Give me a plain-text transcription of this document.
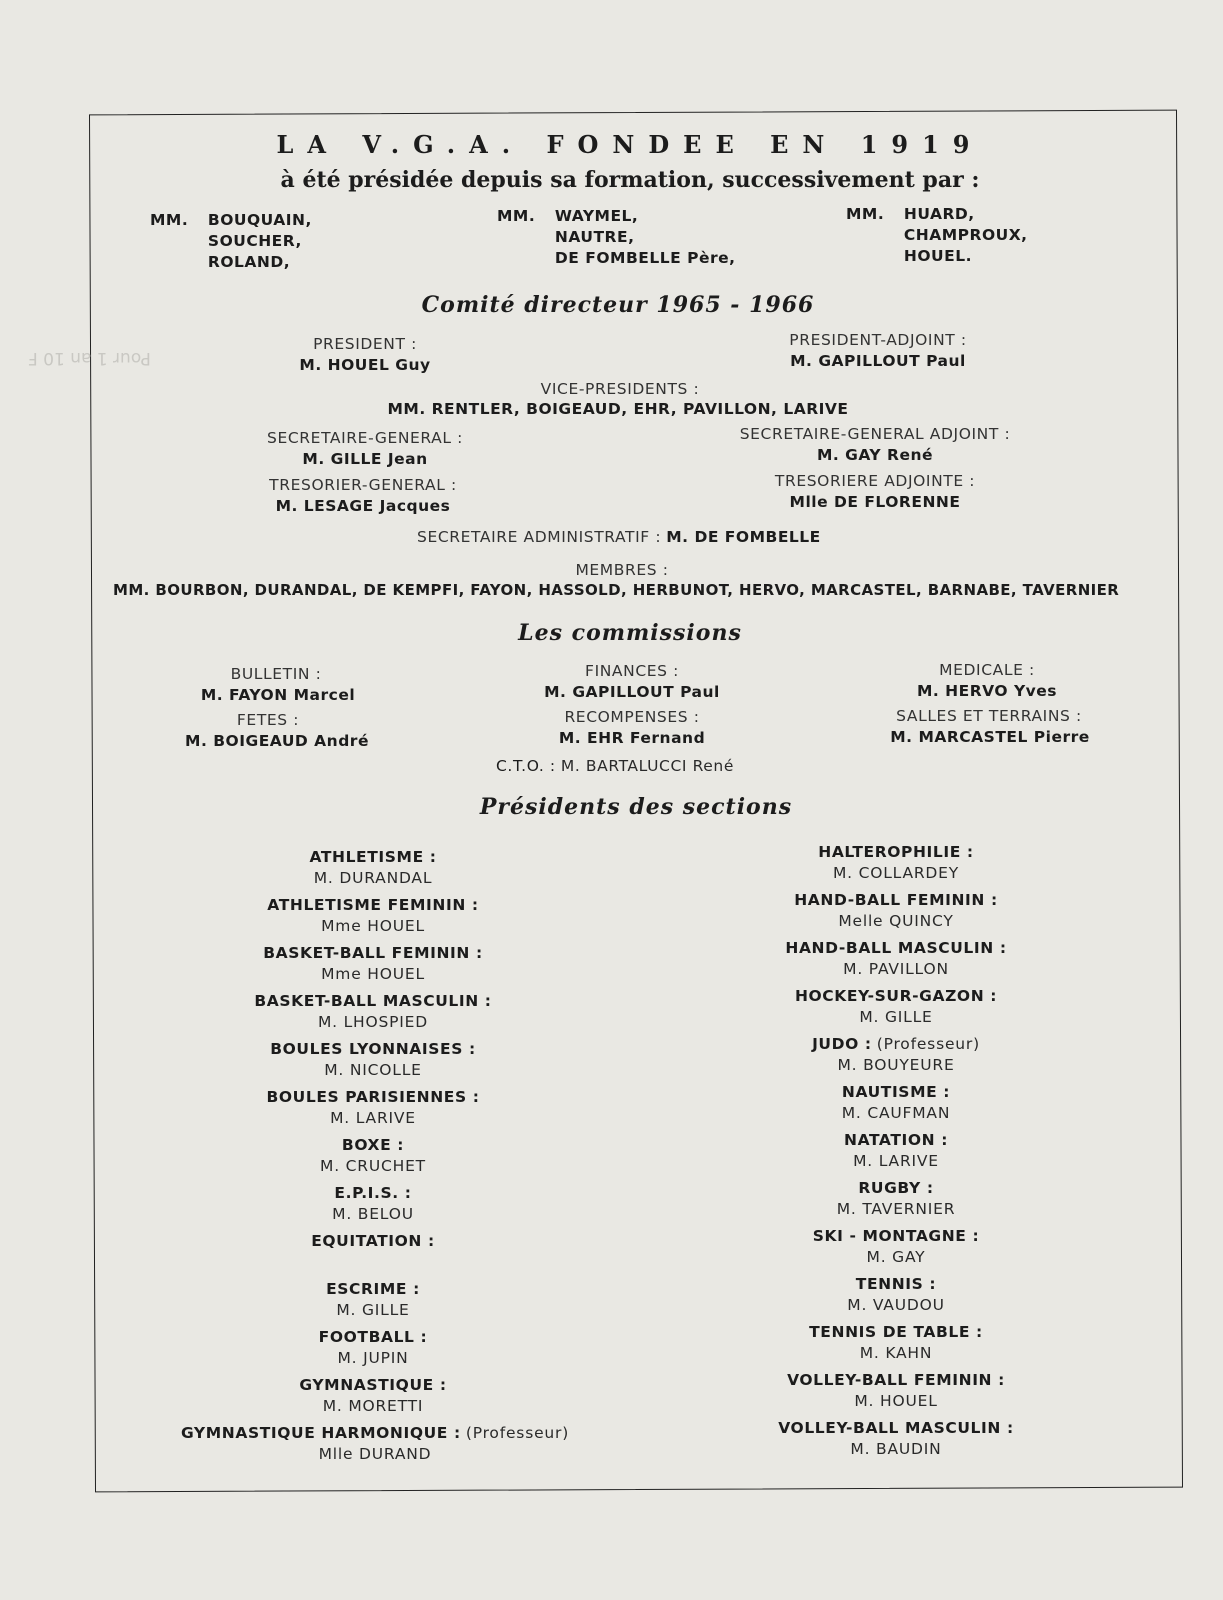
Pour 1 an 10 F
LA V.G.A. FONDEE EN 1919
à été présidée depuis sa formation, successivement par :
MM. BOUQUAIN,
SOUCHER,
ROLAND,
MM. WAYMEL,
NAUTRE,
DE FOMBELLE Père,
MM. HUARD,
CHAMPROUX,
HOUEL.
Comité directeur 1965 - 1966
PRESIDENT :
M. HOUEL Guy
PRESIDENT-ADJOINT :
M. GAPILLOUT Paul
VICE-PRESIDENTS :
MM. RENTLER, BOIGEAUD, EHR, PAVILLON, LARIVE
SECRETAIRE-GENERAL :
M. GILLE Jean
SECRETAIRE-GENERAL ADJOINT :
M. GAY René
TRESORIER-GENERAL :
M. LESAGE Jacques
TRESORIERE ADJOINTE :
Mlle DE FLORENNE
SECRETAIRE ADMINISTRATIF : M. DE FOMBELLE
MEMBRES :
MM. BOURBON, DURANDAL, DE KEMPFI, FAYON, HASSOLD, HERBUNOT, HERVO, MARCASTEL, BARNABE, TAVERNIER
Les commissions
BULLETIN :
M. FAYON Marcel
FETES :
M. BOIGEAUD André
FINANCES :
M. GAPILLOUT Paul
RECOMPENSES :
M. EHR Fernand
C.T.O. : M. BARTALUCCI René
MEDICALE :
M. HERVO Yves
SALLES ET TERRAINS :
M. MARCASTEL Pierre
Présidents des sections
ATHLETISME :
M. DURANDAL
ATHLETISME FEMININ :
Mme HOUEL
BASKET-BALL FEMININ :
Mme HOUEL
BASKET-BALL MASCULIN :
M. LHOSPIED
BOULES LYONNAISES :
M. NICOLLE
BOULES PARISIENNES :
M. LARIVE
BOXE :
M. CRUCHET
E.P.I.S. :
M. BELOU
EQUITATION :
ESCRIME :
M. GILLE
FOOTBALL :
M. JUPIN
GYMNASTIQUE :
M. MORETTI
GYMNASTIQUE HARMONIQUE : (Professeur)
Mlle DURAND
HALTEROPHILIE :
M. COLLARDEY
HAND-BALL FEMININ :
Melle QUINCY
HAND-BALL MASCULIN :
M. PAVILLON
HOCKEY-SUR-GAZON :
M. GILLE
JUDO : (Professeur)
M. BOUYEURE
NAUTISME :
M. CAUFMAN
NATATION :
M. LARIVE
RUGBY :
M. TAVERNIER
SKI - MONTAGNE :
M. GAY
TENNIS :
M. VAUDOU
TENNIS DE TABLE :
M. KAHN
VOLLEY-BALL FEMININ :
M. HOUEL
VOLLEY-BALL MASCULIN :
M. BAUDIN
